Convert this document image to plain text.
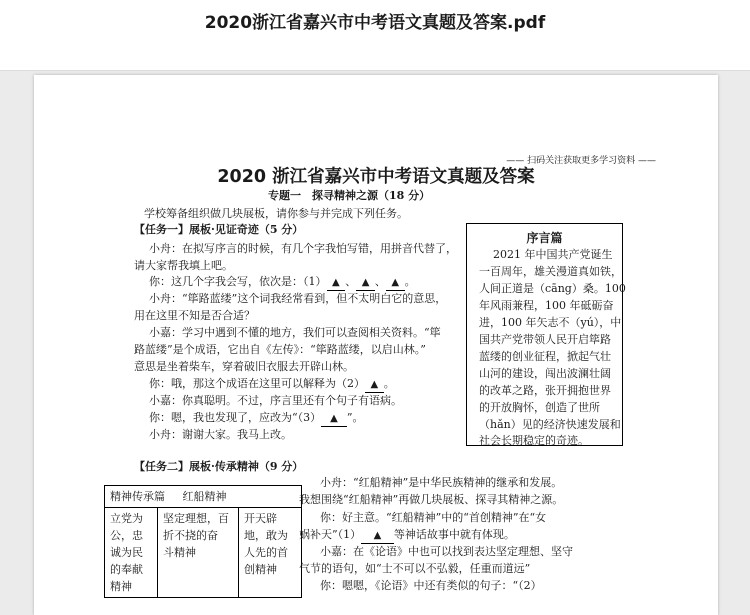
2020浙江省嘉兴市中考语文真题及答案.pdf
—— 扫码关注获取更多学习资料 ——
2020 浙江省嘉兴市中考语文真题及答案
专题一　探寻精神之源（18 分）
学校筹备组织做几块展板，请你参与并完成下列任务。
【任务一】展板·见证奇迹（5 分）
小舟：在拟写序言的时候，有几个字我怕写错，用拼音代替了，
请大家帮我填上吧。
你：这几个字我会写，依次是：（1） ▲ 、 ▲ 、 ▲ 。
小舟：“筚路蓝缕”这个词我经常看到，但不太明白它的意思，
用在这里不知是否合适？
小嘉：学习中遇到不懂的地方，我们可以查阅相关资料。“筚
路蓝缕”是个成语，它出自《左传》：“筚路蓝缕，以启山林。”
意思是坐着柴车，穿着破旧衣服去开辟山林。
你：哦，那这个成语在这里可以解释为（2） ▲ 。
小嘉：你真聪明。不过，序言里还有个句子有语病。
你：嗯，我也发现了，应改为“（3） ▲ ”。
小舟：谢谢大家。我马上改。
序言篇
2021 年中国共产党诞生
一百周年，雄关漫道真如铁，
人间正道是（cāng）桑。100
年风雨兼程，100 年砥砺奋
进，100 年矢志不（yú），中
国共产党带领人民开启筚路
蓝缕的创业征程，掀起气壮
山河的建设，闯出波澜壮阔
的改革之路，张开拥抱世界
的开放胸怀，创造了世所
（hǎn）见的经济快速发展和
社会长期稳定的奇迹。
【任务二】展板·传承精神（9 分）
精神传承篇 红船精神

立党为
公，忠
诚为民
的奉献
精神

坚定理想，百
折不挠的奋
斗精神

开天辟
地，敢为
人先的首
创精神
小舟：“红船精神”是中华民族精神的继承和发展。
我想围绕“红船精神”再做几块展板、探寻其精神之源。
你：好主意。“红船精神”中的“首创精神”在“女
娲补天”（1） ▲ 等神话故事中就有体现。
小嘉：在《论语》中也可以找到表达坚定理想、坚守
气节的语句，如“士不可以不弘毅，任重而道远”
你：嗯嗯，《论语》中还有类似的句子：“（2）
